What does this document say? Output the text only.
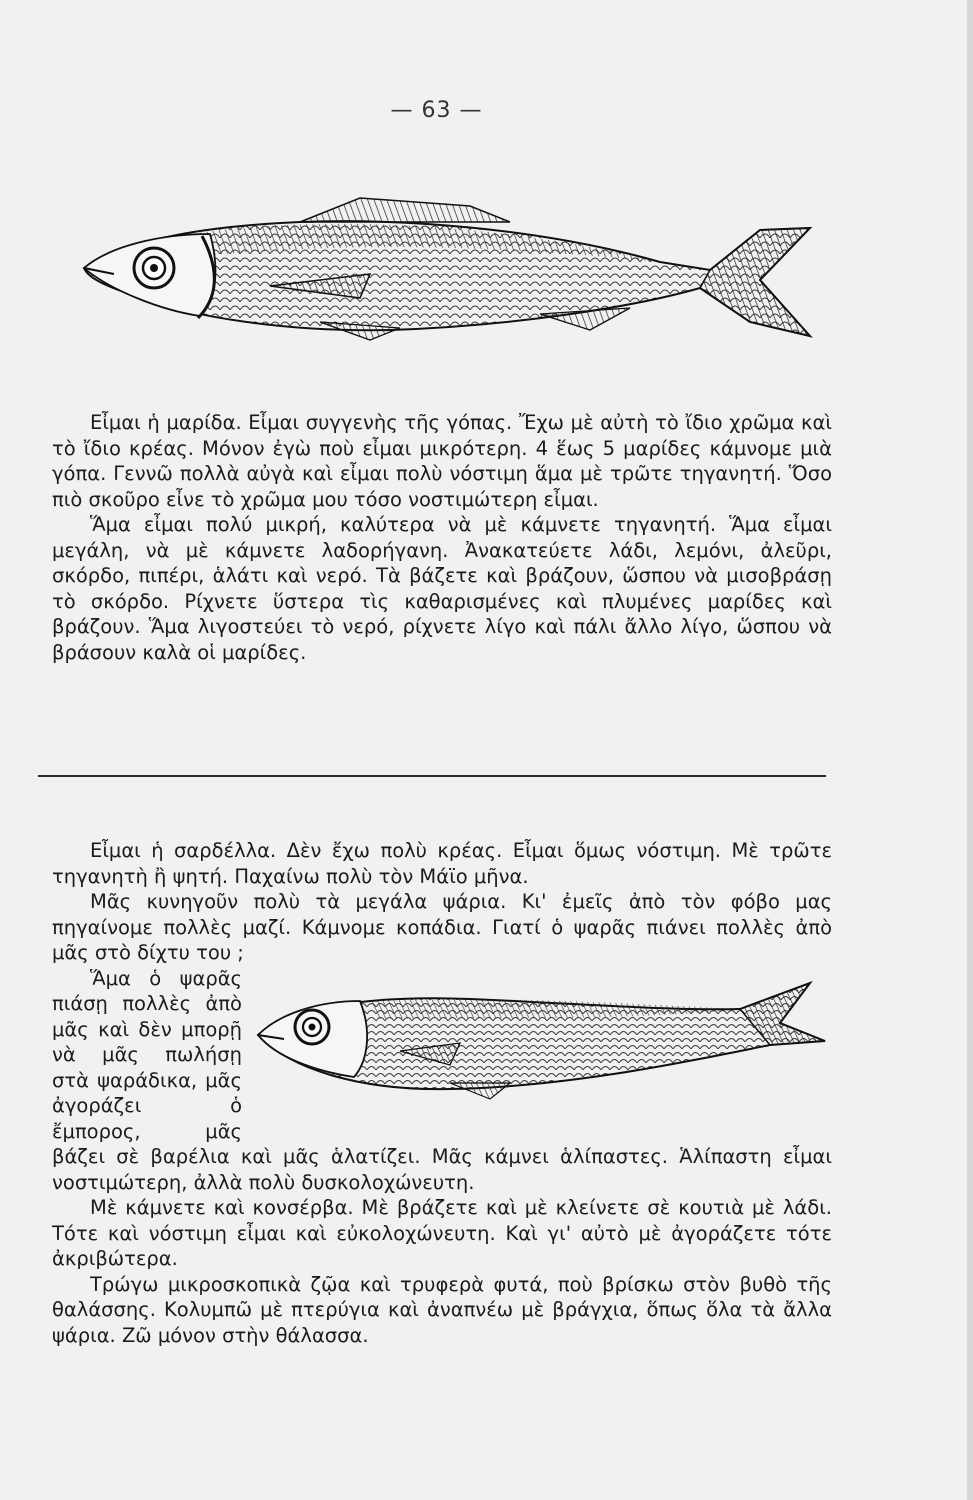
— 63 —

Εἶμαι ἡ μαρίδα. Εἶμαι συγγενὴς τῆς γόπας. Ἔχω μὲ αὐτὴ τὸ ἴδιο χρῶμα καὶ τὸ ἴδιο κρέας. Μόνον ἐγὼ ποὺ εἶμαι μικρότερη. 4 ἕως 5 μαρίδες κάμνομε μιὰ γόπα. Γεννῶ πολλὰ αὐγὰ καὶ εἶμαι πολὺ νόστιμη ἅμα μὲ τρῶτε τηγανητή. Ὅσο πιὸ σκοῦρο εἶνε τὸ χρῶμα μου τόσο νοστιμώτερη εἶμαι.

Ἅμα εἶμαι πολύ μικρή, καλύτερα νὰ μὲ κάμνετε τηγανητή. Ἅμα εἶμαι μεγάλη, νὰ μὲ κάμνετε λαδορήγανη. Ἀνακατεύετε λάδι, λεμόνι, ἀλεῦρι, σκόρδο, πιπέρι, ἁλάτι καὶ νερό. Τὰ βάζετε καὶ βράζουν, ὥσπου νὰ μισοβράσῃ τὸ σκόρδο. Ρίχνετε ὕστερα τὶς καθαρισμένες καὶ πλυμένες μαρίδες καὶ βράζουν. Ἅμα λιγοστεύει τὸ νερό, ρίχνετε λίγο καὶ πάλι ἄλλο λίγο, ὥσπου νὰ βράσουν καλὰ οἱ μαρίδες.

Εἶμαι ἡ σαρδέλλα. Δὲν ἔχω πολὺ κρέας. Εἶμαι ὅμως νόστιμη. Μὲ τρῶτε τηγανητὴ ἢ ψητή. Παχαίνω πολὺ τὸν Μάϊο μῆνα.

Μᾶς κυνηγοῦν πολὺ τὰ μεγάλα ψάρια. Κι' ἐμεῖς ἀπὸ τὸν φόβο μας πηγαίνομε πολλὲς μαζί. Κάμνομε κοπάδια. Γιατί ὁ ψαρᾶς πιάνει πολλὲς ἀπὸ μᾶς στὸ δίχτυ του ;

Ἅμα ὁ ψαρᾶς πιάσῃ πολλὲς ἀπὸ μᾶς καὶ δὲν μπορῇ νὰ μᾶς πωλήσῃ στὰ ψαράδικα, μᾶς ἀγοράζει ὁ ἔμπορος, μᾶς βάζει σὲ βαρέλια καὶ μᾶς ἁλατίζει. Μᾶς κάμνει ἁλίπαστες. Ἁλίπαστη εἶμαι νοστιμώτερη, ἀλλὰ πολὺ δυσκολοχώνευτη.

Μὲ κάμνετε καὶ κονσέρβα. Μὲ βράζετε καὶ μὲ κλείνετε σὲ κουτιὰ μὲ λάδι. Τότε καὶ νόστιμη εἶμαι καὶ εὐκολοχώνευτη. Καὶ γι' αὐτὸ μὲ ἀγοράζετε τότε ἀκριβώτερα.

Τρώγω μικροσκοπικὰ ζῷα καὶ τρυφερὰ φυτά, ποὺ βρίσκω στὸν βυθὸ τῆς θαλάσσης. Κολυμπῶ μὲ πτερύγια καὶ ἀναπνέω μὲ βράγχια, ὅπως ὅλα τὰ ἄλλα ψάρια. Ζῶ μόνον στὴν θάλασσα.
